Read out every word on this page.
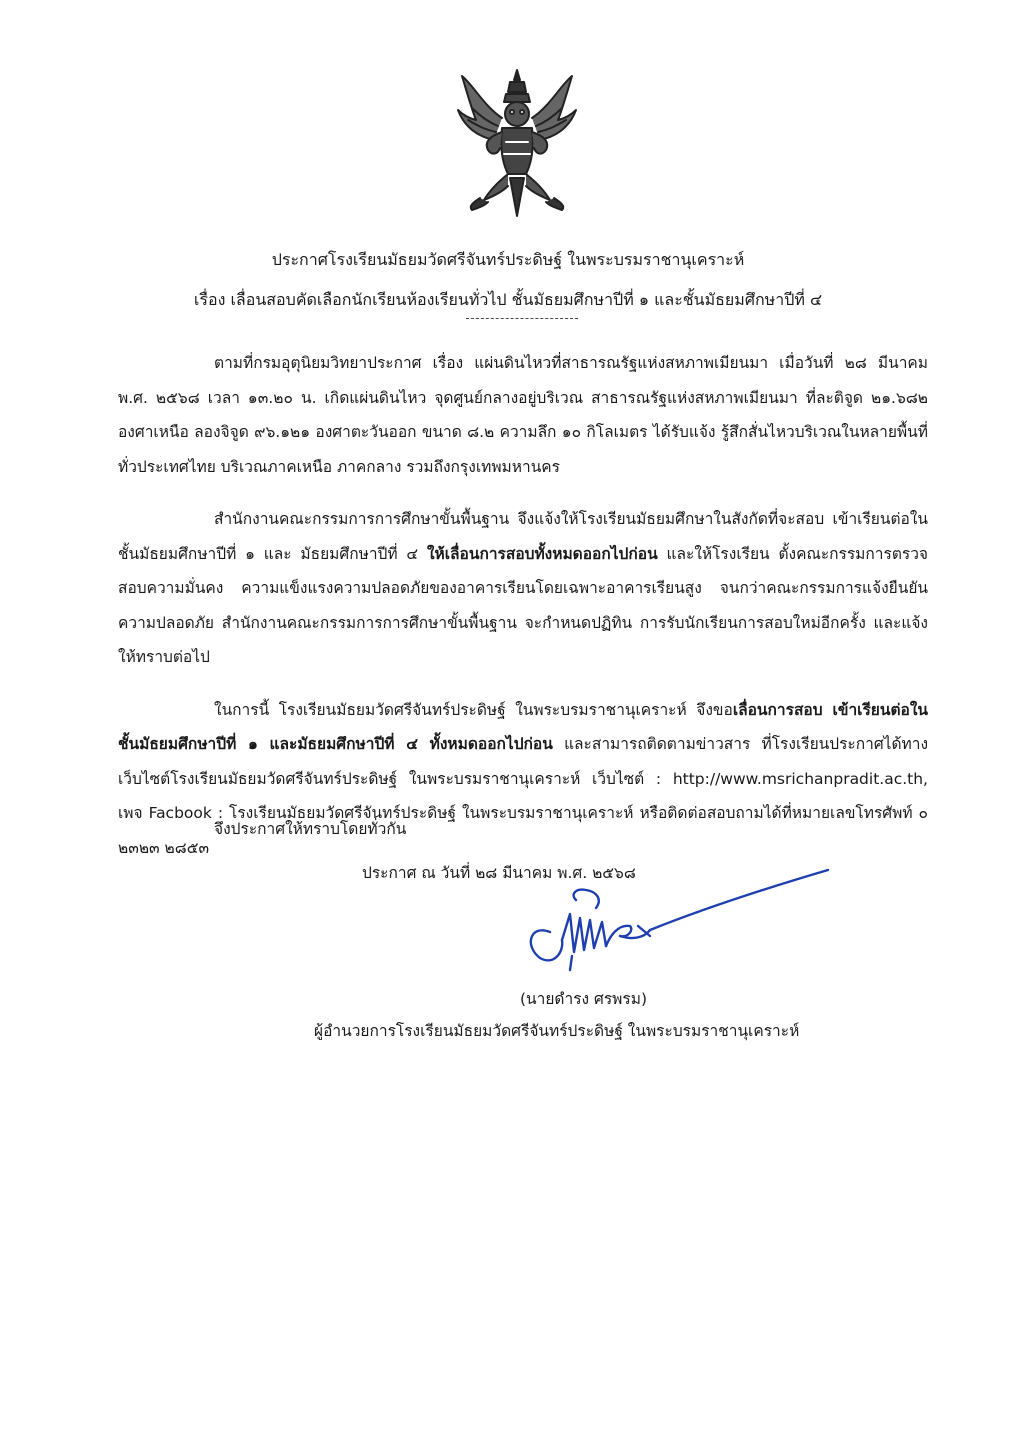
ประกาศโรงเรียนมัธยมวัดศรีจันทร์ประดิษฐ์ ในพระบรมราชานุเคราะห์
เรื่อง เลื่อนสอบคัดเลือกนักเรียนห้องเรียนทั่วไป ชั้นมัธยมศึกษาปีที่ ๑ และชั้นมัธยมศึกษาปีที่ ๔

ตามที่กรมอุตุนิยมวิทยาประกาศ เรื่อง แผ่นดินไหวที่สาธารณรัฐแห่งสหภาพเมียนมา เมื่อวันที่ ๒๘ มีนาคม พ.ศ. ๒๕๖๘ เวลา ๑๓.๒๐ น. เกิดแผ่นดินไหว จุดศูนย์กลางอยู่บริเวณ สาธารณรัฐแห่งสหภาพเมียนมา ที่ละติจูด ๒๑.๖๘๒ องศาเหนือ ลองจิจูด ๙๖.๑๒๑ องศาตะวันออก ขนาด ๘.๒ ความลึก ๑๐ กิโลเมตร ได้รับแจ้ง รู้สึกสั่นไหวบริเวณในหลายพื้นที่ทั่วประเทศไทย บริเวณภาคเหนือ ภาคกลาง รวมถึงกรุงเทพมหานคร

สำนักงานคณะกรรมการการศึกษาขั้นพื้นฐาน จึงแจ้งให้โรงเรียนมัธยมศึกษาในสังกัดที่จะสอบ เข้าเรียนต่อในชั้นมัธยมศึกษาปีที่ ๑ และ มัธยมศึกษาปีที่ ๔ ให้เลื่อนการสอบทั้งหมดออกไปก่อน และให้โรงเรียน ตั้งคณะกรรมการตรวจสอบความมั่นคง ความแข็งแรงความปลอดภัยของอาคารเรียนโดยเฉพาะอาคารเรียนสูง จนกว่าคณะกรรมการแจ้งยืนยันความปลอดภัย สำนักงานคณะกรรมการการศึกษาขั้นพื้นฐาน จะกำหนดปฏิทิน การรับนักเรียนการสอบใหม่อีกครั้ง และแจ้งให้ทราบต่อไป

ในการนี้ โรงเรียนมัธยมวัดศรีจันทร์ประดิษฐ์ ในพระบรมราชานุเคราะห์ จึงขอเลื่อนการสอบ เข้าเรียนต่อในชั้นมัธยมศึกษาปีที่ ๑ และมัธยมศึกษาปีที่ ๔ ทั้งหมดออกไปก่อน และสามารถติดตามข่าวสาร ที่โรงเรียนประกาศได้ทางเว็บไซต์โรงเรียนมัธยมวัดศรีจันทร์ประดิษฐ์ ในพระบรมราชานุเคราะห์ เว็บไซต์ : http://www.msrichanpradit.ac.th, เพจ Facbook : โรงเรียนมัธยมวัดศรีจันทร์ประดิษฐ์ ในพระบรมราชานุเคราะห์ หรือติดต่อสอบถามได้ที่หมายเลขโทรศัพท์ ๐ ๒๓๒๓ ๒๘๕๓

จึงประกาศให้ทราบโดยทั่วกัน
ประกาศ ณ วันที่ ๒๘ มีนาคม พ.ศ. ๒๕๖๘
(นายดำรง ศรพรม)
ผู้อำนวยการโรงเรียนมัธยมวัดศรีจันทร์ประดิษฐ์ ในพระบรมราชานุเคราะห์
